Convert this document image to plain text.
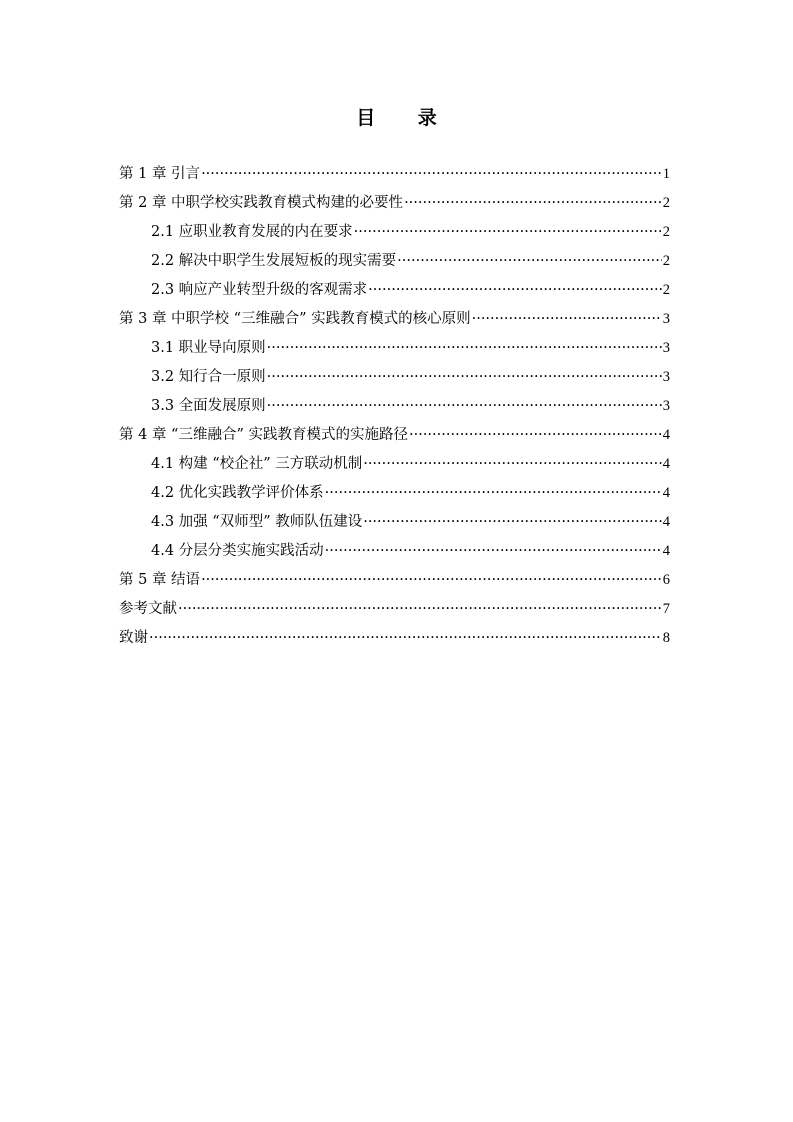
目 录
第 1 章 引言 ·····	1
第 2 章 中职学校实践教育模式构建的必要性 ·····	2
2.1 应职业教育发展的内在要求 ·····	2
2.2 解决中职学生发展短板的现实需要 ·····	2
2.3 响应产业转型升级的客观需求 ·····	2
第 3 章 中职学校 “三维融合” 实践教育模式的核心原则 ·····	3
3.1 职业导向原则 ·····	3
3.2 知行合一原则 ·····	3
3.3 全面发展原则 ·····	3
第 4 章 “三维融合” 实践教育模式的实施路径 ·····	4
4.1 构建 “校企社” 三方联动机制 ·····	4
4.2 优化实践教学评价体系 ·····	4
4.3 加强 “双师型” 教师队伍建设 ·····	4
4.4 分层分类实施实践活动 ·····	4
第 5 章 结语 ·····	6
参考文献 ·····	7
致谢 ·····	8
